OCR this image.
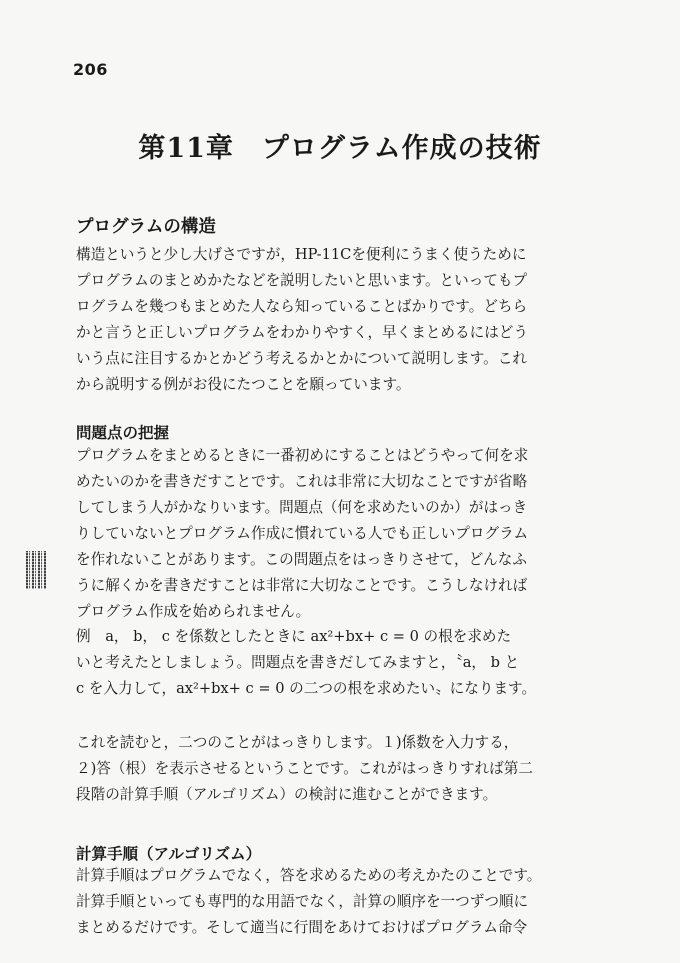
206
第11章 プログラム作成の技術
プログラムの構造
構造というと少し大げさですが，HP-11Cを便利にうまく使うために
プログラムのまとめかたなどを説明したいと思います。といってもプ
ログラムを幾つもまとめた人なら知っていることばかりです。どちら
かと言うと正しいプログラムをわかりやすく，早くまとめるにはどう
いう点に注目するかとかどう考えるかとかについて説明します。これ
から説明する例がお役にたつことを願っています。
問題点の把握
プログラムをまとめるときに一番初めにすることはどうやって何を求
めたいのかを書きだすことです。これは非常に大切なことですが省略
してしまう人がかなりいます。問題点（何を求めたいのか）がはっき
りしていないとプログラム作成に慣れている人でも正しいプログラム
を作れないことがあります。この問題点をはっきりさせて，どんなふ
うに解くかを書きだすことは非常に大切なことです。こうしなければ
プログラム作成を始められません。
例　a， b， c を係数としたときに ax²+bx+ c = 0 の根を求めた
いと考えたとしましょう。問題点を書きだしてみますと，〝a， b と
c を入力して，ax²+bx+ c = 0 の二つの根を求めたい〟になります。
これを読むと，二つのことがはっきりします。１)係数を入力する，
２)答（根）を表示させるということです。これがはっきりすれば第二
段階の計算手順（アルゴリズム）の検討に進むことができます。
計算手順（アルゴリズム）
計算手順はプログラムでなく，答を求めるための考えかたのことです。
計算手順といっても専門的な用語でなく，計算の順序を一つずつ順に
まとめるだけです。そして適当に行間をあけておけばプログラム命令
